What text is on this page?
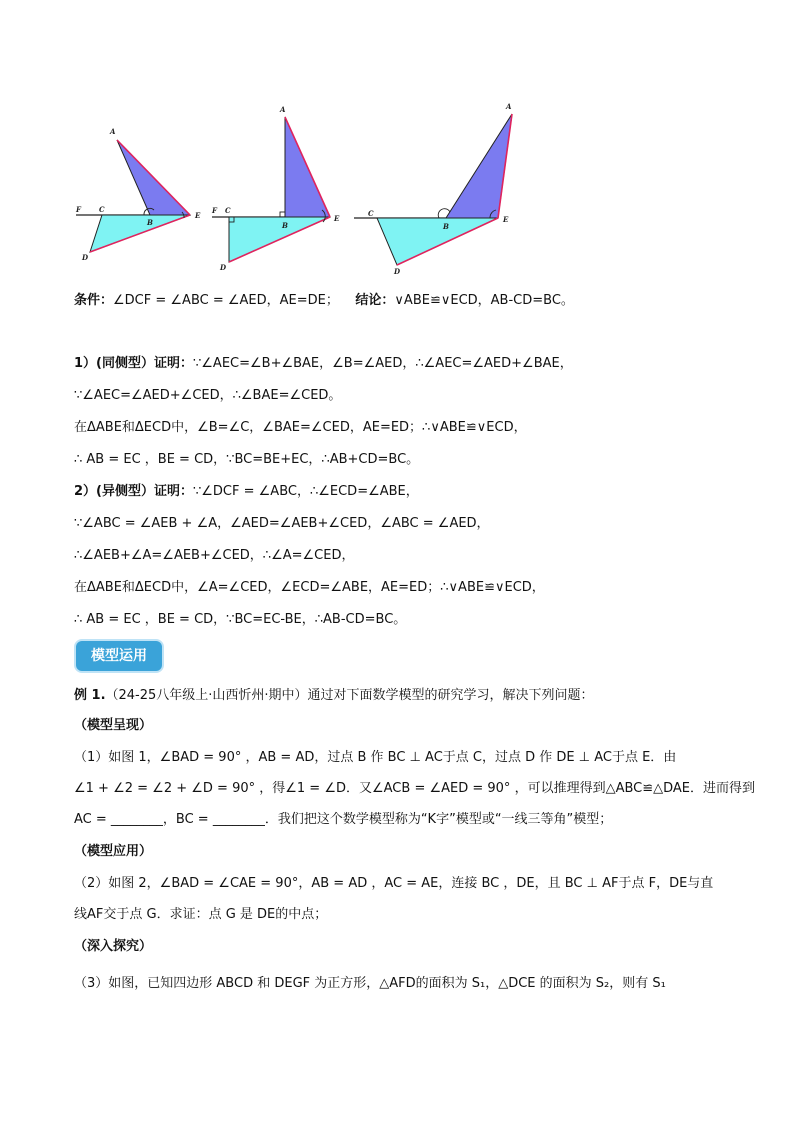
A
B
C
D
E
F
A
B
C
D
E
F
A
B
C
D
E
条件：∠DCF = ∠ABC = ∠AED，AE=DE； 结论：∨ABE≌∨ECD，AB-CD=BC。
1）(同侧型）证明：∵∠AEC=∠B+∠BAE，∠B=∠AED，∴∠AEC=∠AED+∠BAE，
∵∠AEC=∠AED+∠CED，∴∠BAE=∠CED。
在ΔABE和ΔECD中，∠B=∠C，∠BAE=∠CED，AE=ED；∴∨ABE≌∨ECD，
∴ AB = EC ，BE = CD，∵BC=BE+EC，∴AB+CD=BC。
2）(异侧型）证明：∵∠DCF = ∠ABC，∴∠ECD=∠ABE，
∵∠ABC = ∠AEB + ∠A，∠AED=∠AEB+∠CED，∠ABC = ∠AED，
∴∠AEB+∠A=∠AEB+∠CED，∴∠A=∠CED，
在ΔABE和ΔECD中，∠A=∠CED，∠ECD=∠ABE，AE=ED；∴∨ABE≌∨ECD，
∴ AB = EC ，BE = CD，∵BC=EC-BE，∴AB-CD=BC。
模型运用
例 1.（24-25八年级上·山西忻州·期中）通过对下面数学模型的研究学习，解决下列问题：
（模型呈现）
（1）如图 1，∠BAD = 90° ，AB = AD，过点 B 作 BC ⊥ AC于点 C，过点 D 作 DE ⊥ AC于点 E．由
∠1 + ∠2 = ∠2 + ∠D = 90° ，得∠1 = ∠D．又∠ACB = ∠AED = 90° ，可以推理得到△ABC≌△DAE．进而得到
AC = ________，BC = ________．我们把这个数学模型称为“K字”模型或“一线三等角”模型；
（模型应用）
（2）如图 2，∠BAD = ∠CAE = 90°，AB = AD ，AC = AE，连接 BC ，DE，且 BC ⊥ AF于点 F，DE与直
线AF交于点 G．求证：点 G 是 DE的中点；
（深入探究）
（3）如图，已知四边形 ABCD 和 DEGF 为正方形，△AFD的面积为 S₁，△DCE 的面积为 S₂，则有 S₁
